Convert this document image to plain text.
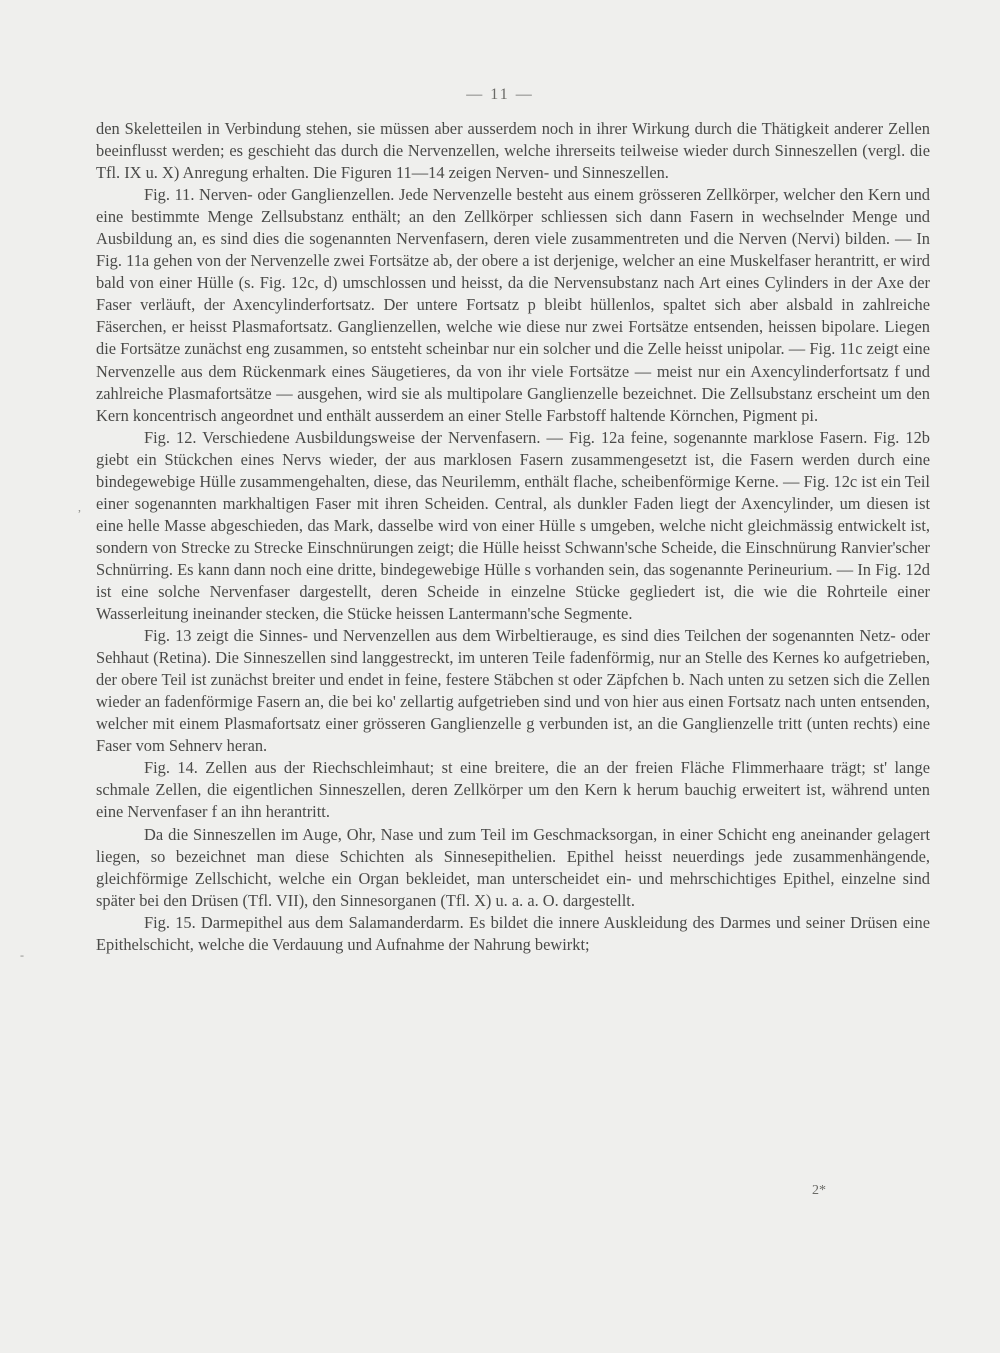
— 11 —

den Skeletteilen in Verbindung stehen, sie müssen aber ausserdem noch in ihrer Wirkung durch die Thätigkeit anderer Zellen beeinflusst werden; es geschieht das durch die Nervenzellen, welche ihrerseits teilweise wieder durch Sinneszellen (vergl. die Tfl. IX u. X) Anregung erhalten. Die Figuren 11—14 zeigen Nerven- und Sinneszellen.

Fig. 11. Nerven- oder Ganglienzellen. Jede Nervenzelle besteht aus einem grösseren Zellkörper, welcher den Kern und eine bestimmte Menge Zellsubstanz enthält; an den Zellkörper schliessen sich dann Fasern in wechselnder Menge und Ausbildung an, es sind dies die sogenannten Nervenfasern, deren viele zusammentreten und die Nerven (Nervi) bilden. — In Fig. 11a gehen von der Nervenzelle zwei Fortsätze ab, der obere a ist derjenige, welcher an eine Muskelfaser herantritt, er wird bald von einer Hülle (s. Fig. 12c, d) umschlossen und heisst, da die Nervensubstanz nach Art eines Cylinders in der Axe der Faser verläuft, der Axencylinderfortsatz. Der untere Fortsatz p bleibt hüllenlos, spaltet sich aber alsbald in zahlreiche Fäserchen, er heisst Plasmafortsatz. Ganglienzellen, welche wie diese nur zwei Fortsätze entsenden, heissen bipolare. Liegen die Fortsätze zunächst eng zusammen, so entsteht scheinbar nur ein solcher und die Zelle heisst unipolar. — Fig. 11c zeigt eine Nervenzelle aus dem Rückenmark eines Säugetieres, da von ihr viele Fortsätze — meist nur ein Axencylinderfortsatz f und zahlreiche Plasmafortsätze — ausgehen, wird sie als multipolare Ganglienzelle bezeichnet. Die Zellsubstanz erscheint um den Kern koncentrisch angeordnet und enthält ausserdem an einer Stelle Farbstoff haltende Körnchen, Pigment pi.

Fig. 12. Verschiedene Ausbildungsweise der Nervenfasern. — Fig. 12a feine, sogenannte marklose Fasern. Fig. 12b giebt ein Stückchen eines Nervs wieder, der aus marklosen Fasern zusammengesetzt ist, die Fasern werden durch eine bindegewebige Hülle zusammengehalten, diese, das Neurilemm, enthält flache, scheibenförmige Kerne. — Fig. 12c ist ein Teil einer sogenannten markhaltigen Faser mit ihren Scheiden. Central, als dunkler Faden liegt der Axencylinder, um diesen ist eine helle Masse abgeschieden, das Mark, dasselbe wird von einer Hülle s umgeben, welche nicht gleichmässig entwickelt ist, sondern von Strecke zu Strecke Einschnürungen zeigt; die Hülle heisst Schwann'sche Scheide, die Einschnürung Ranvier'scher Schnürring. Es kann dann noch eine dritte, bindegewebige Hülle s vorhanden sein, das sogenannte Perineurium. — In Fig. 12d ist eine solche Nervenfaser dargestellt, deren Scheide in einzelne Stücke gegliedert ist, die wie die Rohrteile einer Wasserleitung ineinander stecken, die Stücke heissen Lantermann'sche Segmente.

Fig. 13 zeigt die Sinnes- und Nervenzellen aus dem Wirbeltierauge, es sind dies Teilchen der sogenannten Netz- oder Sehhaut (Retina). Die Sinneszellen sind langgestreckt, im unteren Teile fadenförmig, nur an Stelle des Kernes ko aufgetrieben, der obere Teil ist zunächst breiter und endet in feine, festere Stäbchen st oder Zäpfchen b. Nach unten zu setzen sich die Zellen wieder an fadenförmige Fasern an, die bei ko' zellartig aufgetrieben sind und von hier aus einen Fortsatz nach unten entsenden, welcher mit einem Plasmafortsatz einer grösseren Ganglienzelle g verbunden ist, an die Ganglienzelle tritt (unten rechts) eine Faser vom Sehnerv heran.

Fig. 14. Zellen aus der Riechschleimhaut; st eine breitere, die an der freien Fläche Flimmerhaare trägt; st' lange schmale Zellen, die eigentlichen Sinneszellen, deren Zellkörper um den Kern k herum bauchig erweitert ist, während unten eine Nervenfaser f an ihn herantritt.

Da die Sinneszellen im Auge, Ohr, Nase und zum Teil im Geschmacksorgan, in einer Schicht eng aneinander gelagert liegen, so bezeichnet man diese Schichten als Sinnesepithelien. Epithel heisst neuerdings jede zusammenhängende, gleichförmige Zellschicht, welche ein Organ bekleidet, man unterscheidet ein- und mehrschichtiges Epithel, einzelne sind später bei den Drüsen (Tfl. VII), den Sinnesorganen (Tfl. X) u. a. a. O. dargestellt.

Fig. 15. Darmepithel aus dem Salamanderdarm. Es bildet die innere Auskleidung des Darmes und seiner Drüsen eine Epithelschicht, welche die Verdauung und Aufnahme der Nahrung bewirkt;

2*
,
-
